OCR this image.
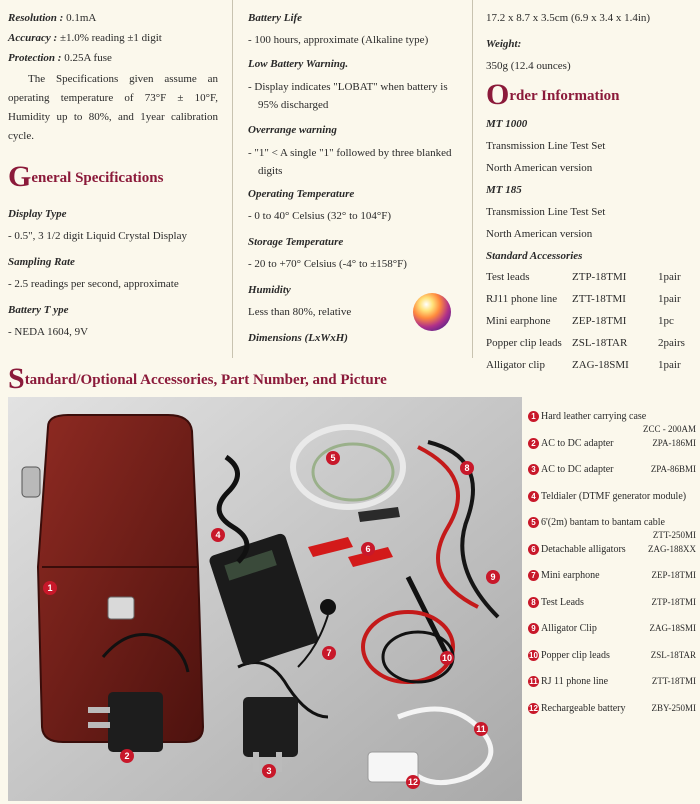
Resolution : 0.1mA

Accuracy : ±1.0% reading ±1 digit

Protection : 0.25A fuse

The Specifications given assume an operating temperature of 73°F ± 10°F, Humidity up to 80%, and 1year calibration cycle.

General Specifications

Display Type

- 0.5", 3 1/2 digit Liquid Crystal Display

Sampling Rate

- 2.5 readings per second, approximate

Battery T ype

- NEDA 1604, 9V

Battery Life

- 100 hours, approximate (Alkaline type)

Low Battery Warning.

- Display indicates "LOBAT" when battery is 95% discharged

Overrange warning

- "1" < A single "1" followed by three blanked digits

Operating Temperature

- 0 to 40° Celsius (32° to 104°F)

Storage Temperature

- 20 to +70° Celsius (-4° to ±158°F)

Humidity

Less than 80%, relative

Dimensions (LxWxH)

17.2 x 8.7 x 3.5cm (6.9 x 3.4 x 1.4in)

Weight:

350g (12.4 ounces)

Order Information

MT 1000

Transmission Line Test Set

North American version

MT 185

Transmission Line Test Set

North American version

Standard Accessories

Test leads	ZTP-18TMI	1pair
RJ11 phone line	ZTT-18TMI	1pair
Mini earphone	ZEP-18TMI	1pc
Popper clip leads	ZSL-18TAR	2pairs
Alligator clip	ZAG-18SMI	1pair
Standard/Optional Accessories, Part Number, and Picture
1
2
3
4
5
6
7
8
9
10
11
12
1 Hard leather carrying case
ZCC - 200AM
2 AC to DC adapter	ZPA-186MI
3 AC to DC adapter	ZPA-86BMI
4 Teldialer (DTMF generator module)
5 6'(2m) bantam to bantam cable
ZTT-250MI
6 Detachable alligators ZAG-188XX
7 Mini earphone	ZEP-18TMI
8 Test Leads	ZTP-18TMI
9 Alligator Clip	ZAG-18SMI
10 Popper clip leads	ZSL-18TAR
11 RJ 11 phone line	ZTT-18TMI
12 Rechargeable battery	ZBY-250MI
